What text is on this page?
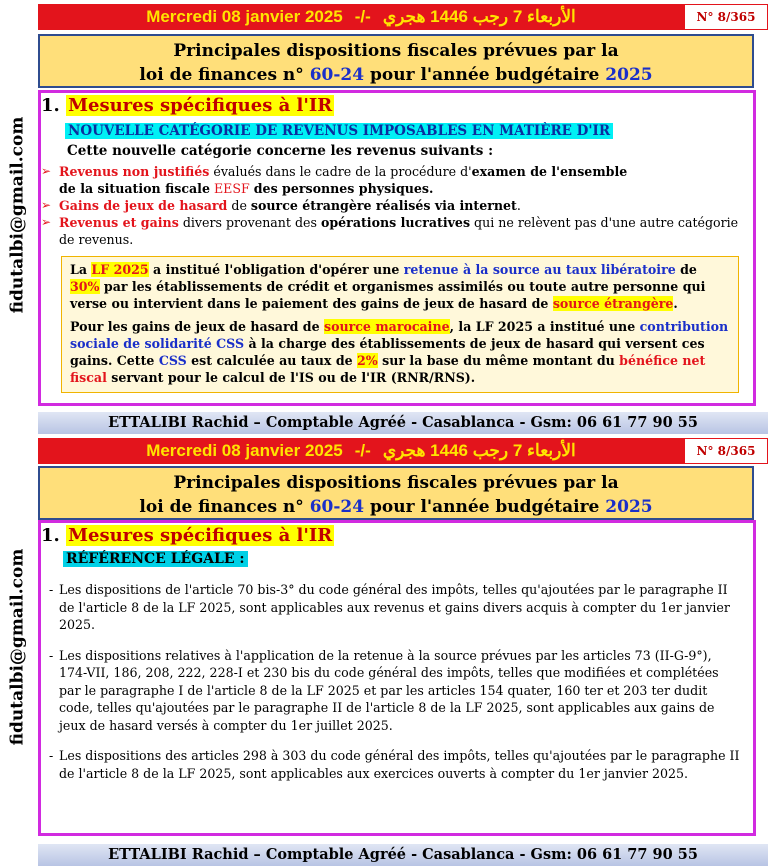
fidutalbi@gmail.com
Mercredi 08 janvier 2025 -/- الأربعاء 7 رجب 1446 هجري	N° 8/365
Principales dispositions fiscales prévues par la
loi de finances n° 60-24 pour l'année budgétaire 2025
1. Mesures spécifiques à l'IR
NOUVELLE CATÉGORIE DE REVENUS IMPOSABLES EN MATIÈRE D'IR
Cette nouvelle catégorie concerne les revenus suivants :
➢ Revenus non justifiés évalués dans le cadre de la procédure d'examen de l'ensemble
de la situation fiscale EESF des personnes physiques.
➢ Gains de jeux de hasard de source étrangère réalisés via internet.
➢ Revenus et gains divers provenant des opérations lucratives qui ne relèvent pas d'une autre catégorie de revenus.
La LF 2025 a institué l'obligation d'opérer une retenue à la source au taux libératoire de 30% par les établissements de crédit et organismes assimilés ou toute autre personne qui verse ou intervient dans le paiement des gains de jeux de hasard de source étrangère.
Pour les gains de jeux de hasard de source marocaine, la LF 2025 a institué une contribution sociale de solidarité CSS à la charge des établissements de jeux de hasard qui versent ces gains. Cette CSS est calculée au taux de 2% sur la base du même montant du bénéfice net fiscal servant pour le calcul de l'IS ou de l'IR (RNR/RNS).
ETTALIBI Rachid – Comptable Agréé - Casablanca - Gsm: 06 61 77 90 55
fidutalbi@gmail.com
Mercredi 08 janvier 2025 -/- الأربعاء 7 رجب 1446 هجري	N° 8/365
Principales dispositions fiscales prévues par la
loi de finances n° 60-24 pour l'année budgétaire 2025
1. Mesures spécifiques à l'IR
RÉFÉRENCE LÉGALE :
- Les dispositions de l'article 70 bis-3° du code général des impôts, telles qu'ajoutées par le paragraphe II de l'article 8 de la LF 2025, sont applicables aux revenus et gains divers acquis à compter du 1er janvier 2025.
- Les dispositions relatives à l'application de la retenue à la source prévues par les articles 73 (II-G-9°), 174-VII, 186, 208, 222, 228-I et 230 bis du code général des impôts, telles que modifiées et complétées par le paragraphe I de l'article 8 de la LF 2025 et par les articles 154 quater, 160 ter et 203 ter dudit code, telles qu'ajoutées par le paragraphe II de l'article 8 de la LF 2025, sont applicables aux gains de jeux de hasard versés à compter du 1er juillet 2025.
- Les dispositions des articles 298 à 303 du code général des impôts, telles qu'ajoutées par le paragraphe II de l'article 8 de la LF 2025, sont applicables aux exercices ouverts à compter du 1er janvier 2025.
ETTALIBI Rachid – Comptable Agréé - Casablanca - Gsm: 06 61 77 90 55
